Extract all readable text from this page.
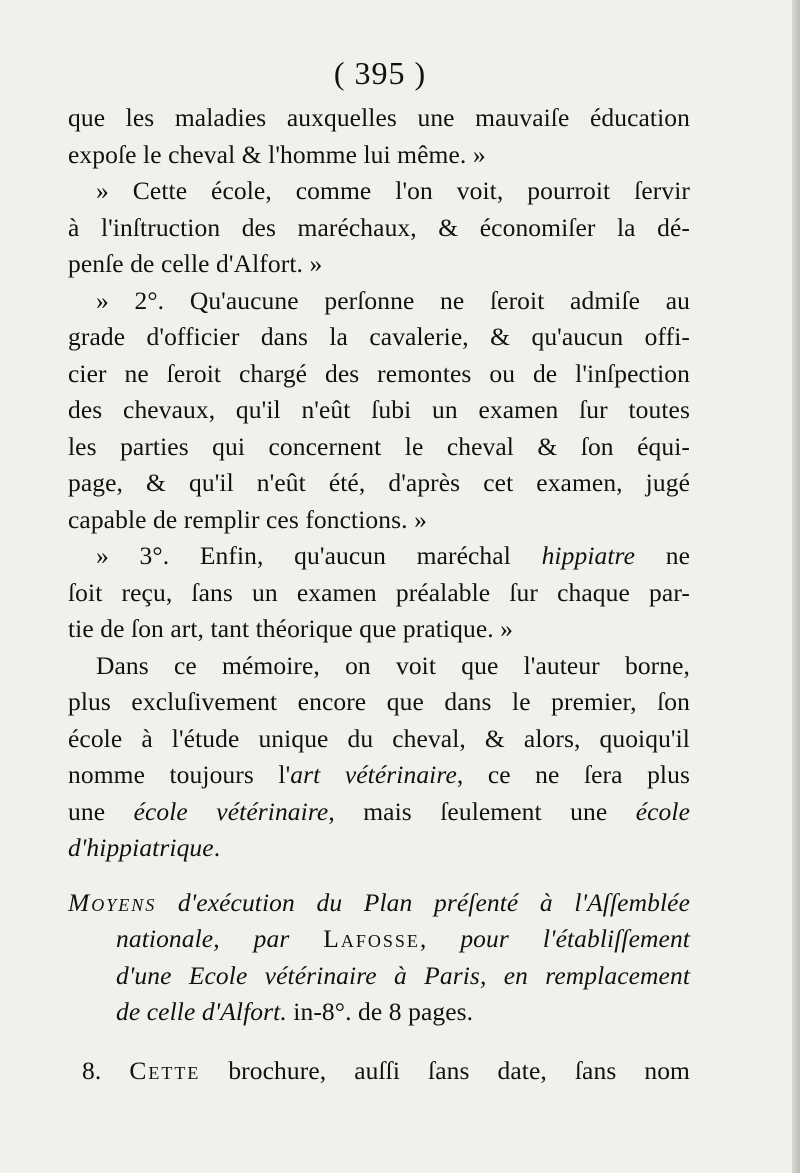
( 395 )
que les maladies auxquelles une mauvaiſe éducation
expoſe le cheval & l'homme lui même. »
» Cette école, comme l'on voit, pourroit ſervir
à l'inſtruction des maréchaux, & économiſer la dé-
penſe de celle d'Alfort. »
» 2°. Qu'aucune perſonne ne ſeroit admiſe au
grade d'officier dans la cavalerie, & qu'aucun offi-
cier ne ſeroit chargé des remontes ou de l'inſpection
des chevaux, qu'il n'eût ſubi un examen ſur toutes
les parties qui concernent le cheval & ſon équi-
page, & qu'il n'eût été, d'après cet examen, jugé
capable de remplir ces fonctions. »
» 3°. Enfin, qu'aucun maréchal hippiatre ne
ſoit reçu, ſans un examen préalable ſur chaque par-
tie de ſon art, tant théorique que pratique. »
Dans ce mémoire, on voit que l'auteur borne,
plus excluſivement encore que dans le premier, ſon
école à l'étude unique du cheval, & alors, quoiqu'il
nomme toujours l'art vétérinaire, ce ne ſera plus
une école vétérinaire, mais ſeulement une école
d'hippiatrique.
Moyens d'exécution du Plan préſenté à l'Aſſemblée
nationale, par Lafosse, pour l'établiſſement
d'une Ecole vétérinaire à Paris, en remplacement
de celle d'Alfort. in-8°. de 8 pages.
8. Cette brochure, auſſi ſans date, ſans nom
